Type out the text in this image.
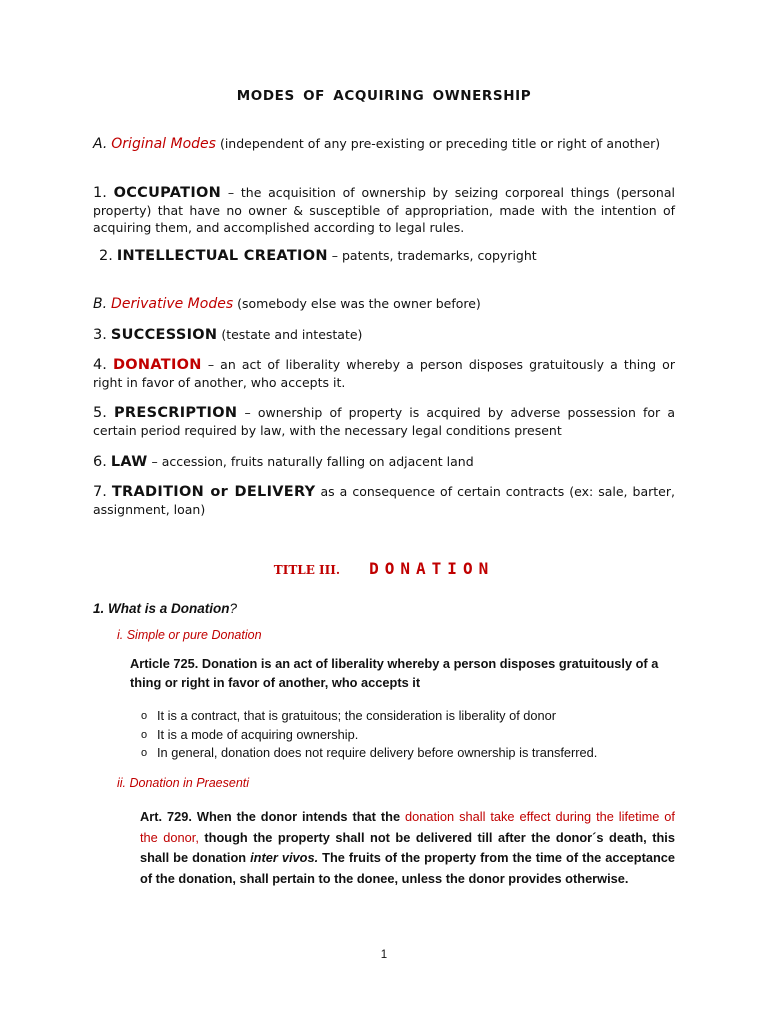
MODES OF ACQUIRING OWNERSHIP
A. Original Modes (independent of any pre-existing or preceding title or right of another)
1. OCCUPATION – the acquisition of ownership by seizing corporeal things (personal property) that have no owner & susceptible of appropriation, made with the intention of acquiring them, and accomplished according to legal rules.
2. INTELLECTUAL CREATION – patents, trademarks, copyright
B. Derivative Modes (somebody else was the owner before)
3. SUCCESSION (testate and intestate)
4. DONATION – an act of liberality whereby a person disposes gratuitously a thing or right in favor of another, who accepts it.
5. PRESCRIPTION – ownership of property is acquired by adverse possession for a certain period required by law, with the necessary legal conditions present
6. LAW – accession, fruits naturally falling on adjacent land
7. TRADITION or DELIVERY as a consequence of certain contracts (ex: sale, barter, assignment, loan)
TITLE III. DONATION
1. What is a Donation?
i. Simple or pure Donation
Article 725. Donation is an act of liberality whereby a person disposes gratuitously of a thing or right in favor of another, who accepts it
o It is a contract, that is gratuitous; the consideration is liberality of donor
o It is a mode of acquiring ownership.
o In general, donation does not require delivery before ownership is transferred.
ii. Donation in Praesenti
Art. 729. When the donor intends that the donation shall take effect during the lifetime of the donor, though the property shall not be delivered till after the donor´s death, this shall be donation inter vivos. The fruits of the property from the time of the acceptance of the donation, shall pertain to the donee, unless the donor provides otherwise.
1
